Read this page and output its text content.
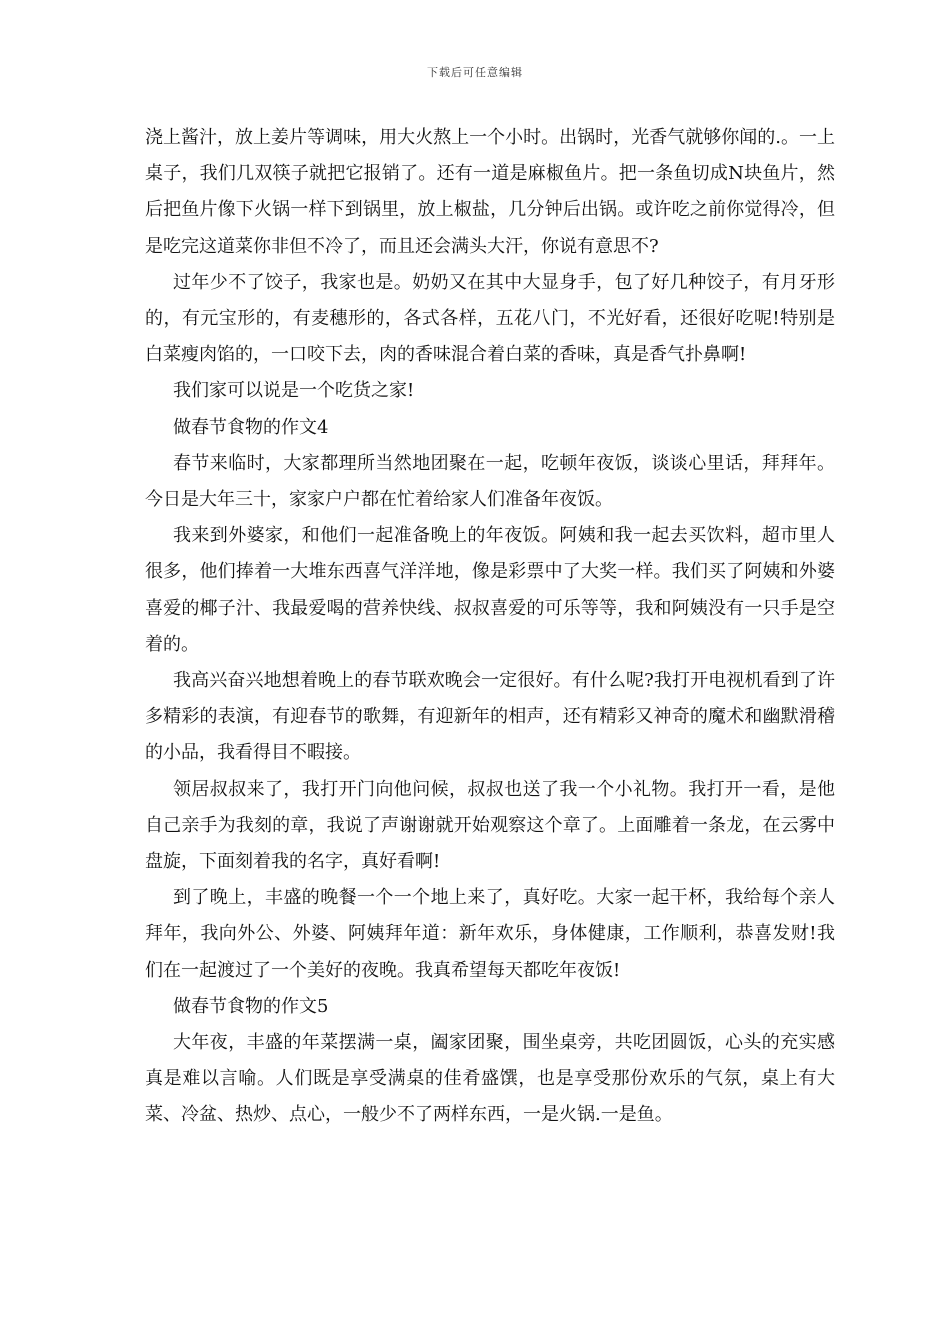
下载后可任意编辑

浇上酱汁，放上姜片等调味，用大火熬上一个小时。出锅时，光香气就够你闻的.。一上桌子，我们几双筷子就把它报销了。还有一道是麻椒鱼片。把一条鱼切成N块鱼片，然后把鱼片像下火锅一样下到锅里，放上椒盐，几分钟后出锅。或许吃之前你觉得冷，但是吃完这道菜你非但不冷了，而且还会满头大汗，你说有意思不?

过年少不了饺子，我家也是。奶奶又在其中大显身手，包了好几种饺子，有月牙形的，有元宝形的，有麦穗形的，各式各样，五花八门，不光好看，还很好吃呢!特别是白菜瘦肉馅的，一口咬下去，肉的香味混合着白菜的香味，真是香气扑鼻啊!

我们家可以说是一个吃货之家!

做春节食物的作文4

春节来临时，大家都理所当然地团聚在一起，吃顿年夜饭，谈谈心里话，拜拜年。今日是大年三十，家家户户都在忙着给家人们准备年夜饭。

我来到外婆家，和他们一起准备晚上的年夜饭。阿姨和我一起去买饮料，超市里人很多，他们捧着一大堆东西喜气洋洋地，像是彩票中了大奖一样。我们买了阿姨和外婆喜爱的椰子汁、我最爱喝的营养快线、叔叔喜爱的可乐等等，我和阿姨没有一只手是空着的。

我高兴奋兴地想着晚上的春节联欢晚会一定很好。有什么呢?我打开电视机看到了许多精彩的表演，有迎春节的歌舞，有迎新年的相声，还有精彩又神奇的魔术和幽默滑稽的小品，我看得目不暇接。

领居叔叔来了，我打开门向他问候，叔叔也送了我一个小礼物。我打开一看，是他自己亲手为我刻的章，我说了声谢谢就开始观察这个章了。上面雕着一条龙，在云雾中盘旋，下面刻着我的名字，真好看啊!

到了晚上，丰盛的晚餐一个一个地上来了，真好吃。大家一起干杯，我给每个亲人拜年，我向外公、外婆、阿姨拜年道：新年欢乐，身体健康，工作顺利，恭喜发财!我们在一起渡过了一个美好的夜晚。我真希望每天都吃年夜饭!

做春节食物的作文5

大年夜，丰盛的年菜摆满一桌，阖家团聚，围坐桌旁，共吃团圆饭，心头的充实感真是难以言喻。人们既是享受满桌的佳肴盛馔，也是享受那份欢乐的气氛，桌上有大菜、冷盆、热炒、点心，一般少不了两样东西，一是火锅.一是鱼。
